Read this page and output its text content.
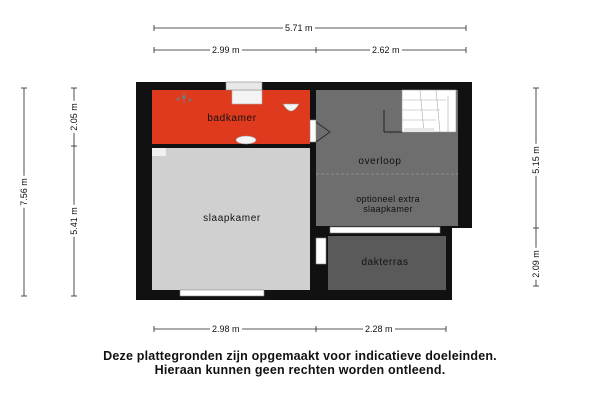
5.71 m
2.99 m	2.62 m
2.98 m	2.28 m
7.56 m
2.05 m
5.41 m
5.15 m
2.09 m
badkamer
slaapkamer
overloop
optioneel extra
slaapkamer
dakterras
Deze plattegronden zijn opgemaakt voor indicatieve doeleinden.
Hieraan kunnen geen rechten worden ontleend.
